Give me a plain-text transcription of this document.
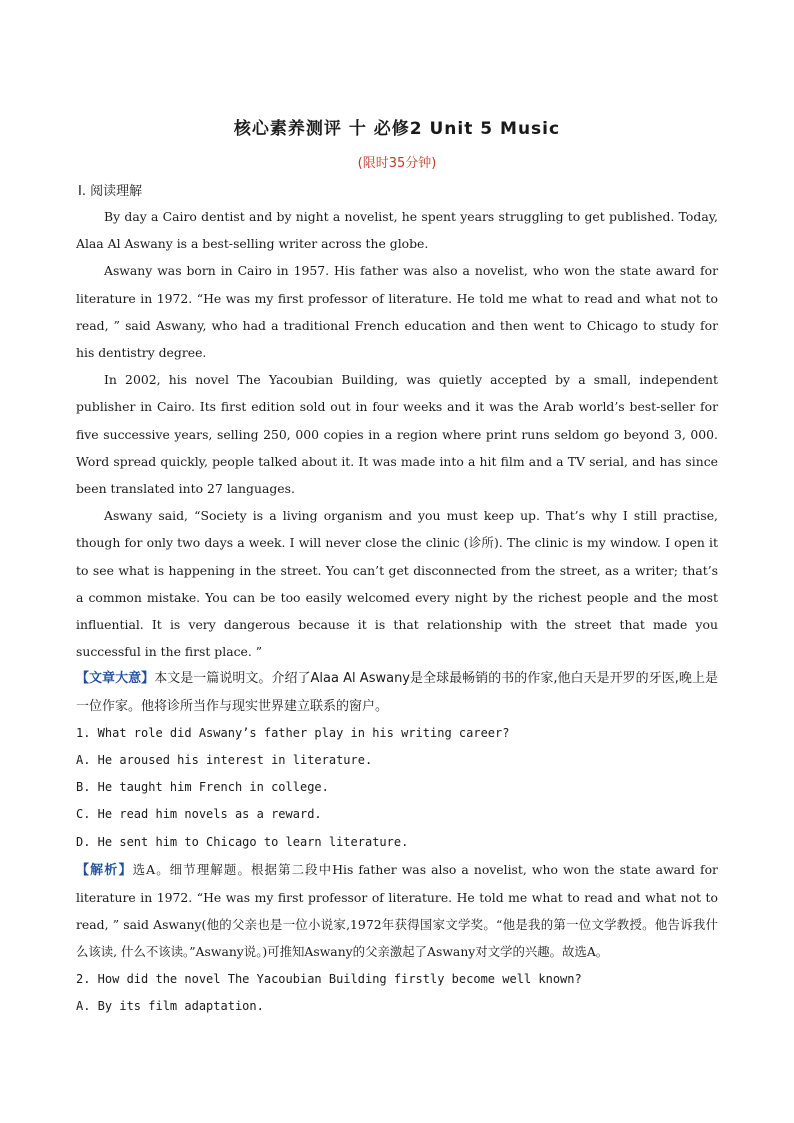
核心素养测评 十 必修2 Unit 5 Music
(限时35分钟)
Ⅰ. 阅读理解

By day a Cairo dentist and by night a novelist, he spent years struggling to get published. Today, Alaa Al Aswany is a best-selling writer across the globe.

Aswany was born in Cairo in 1957. His father was also a novelist, who won the state award for literature in 1972. “He was my first professor of literature. He told me what to read and what not to read, ” said Aswany, who had a traditional French education and then went to Chicago to study for his dentistry degree.

In 2002, his novel The Yacoubian Building, was quietly accepted by a small, independent publisher in Cairo. Its first edition sold out in four weeks and it was the Arab world’s best-seller for five successive years, selling 250, 000 copies in a region where print runs seldom go beyond 3, 000. Word spread quickly, people talked about it. It was made into a hit film and a TV serial, and has since been translated into 27 languages.

Aswany said, “Society is a living organism and you must keep up. That’s why I still practise, though for only two days a week. I will never close the clinic (诊所). The clinic is my window. I open it to see what is happening in the street. You can’t get disconnected from the street, as a writer; that’s a common mistake. You can be too easily welcomed every night by the richest people and the most influential. It is very dangerous because it is that relationship with the street that made you successful in the first place. ”

【文章大意】本文是一篇说明文。介绍了Alaa Al Aswany是全球最畅销的书的作家,他白天是开罗的牙医,晚上是一位作家。他将诊所当作与现实世界建立联系的窗户。

1. What role did Aswany’s father play in his writing career?

A. He aroused his interest in literature.

B. He taught him French in college.

C. He read him novels as a reward.

D. He sent him to Chicago to learn literature.

【解析】选A。细节理解题。根据第二段中His father was also a novelist, who won the state award for literature in 1972. “He was my first professor of literature. He told me what to read and what not to read, ” said Aswany(他的父亲也是一位小说家,1972年获得国家文学奖。“他是我的第一位文学教授。他告诉我什么该读, 什么不该读。”Aswany说。)可推知Aswany的父亲激起了Aswany对文学的兴趣。故选A。

2. How did the novel The Yacoubian Building firstly become well known?

A. By its film adaptation.
